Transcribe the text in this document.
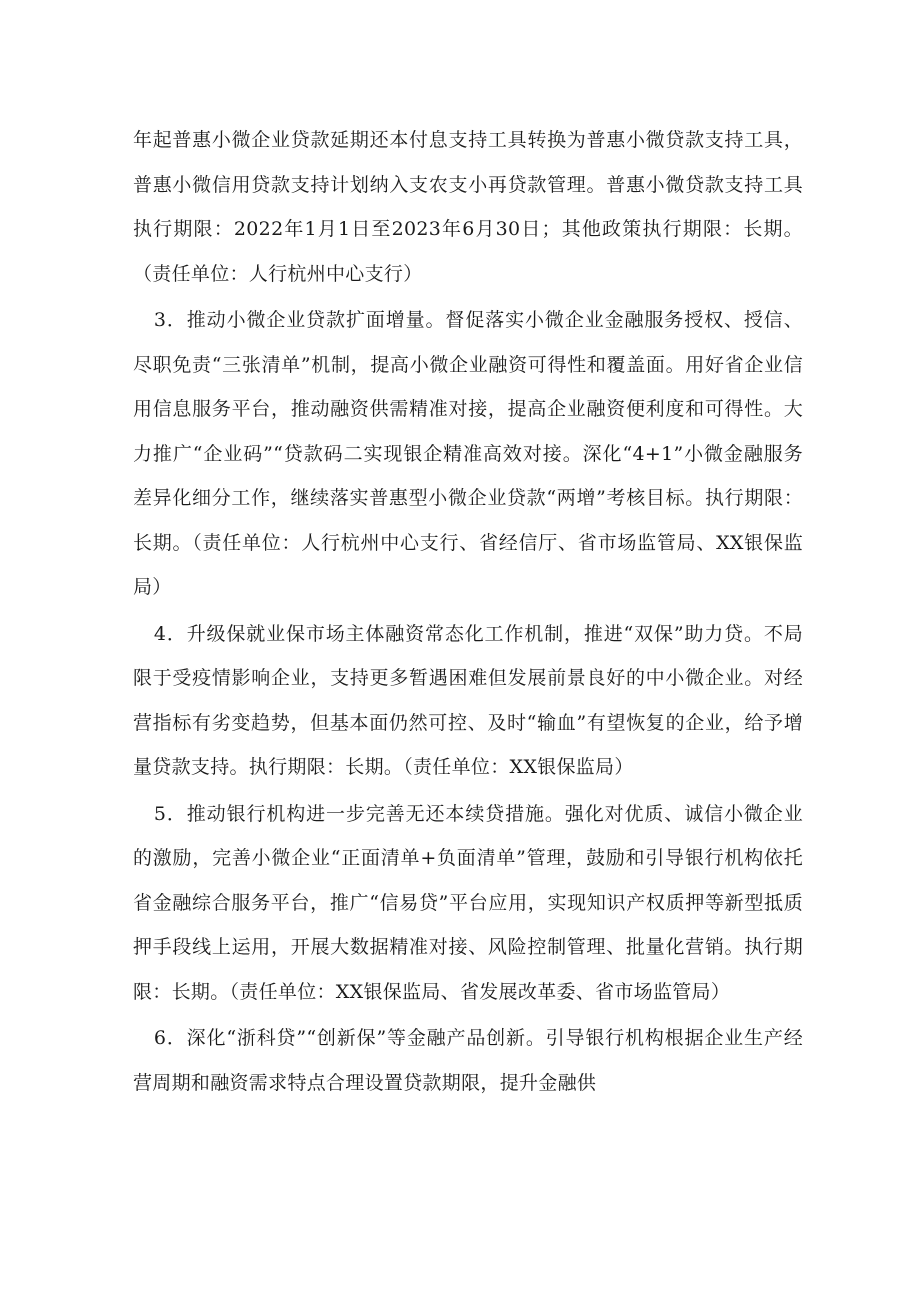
年起普惠小微企业贷款延期还本付息支持工具转换为普惠小微贷款支持工具，普惠小微信用贷款支持计划纳入支农支小再贷款管理。普惠小微贷款支持工具执行期限：2022年1月1日至2023年6月30日；其他政策执行期限：长期。（责任单位：人行杭州中心支行）

3．推动小微企业贷款扩面增量。督促落实小微企业金融服务授权、授信、尽职免责“三张清单”机制，提高小微企业融资可得性和覆盖面。用好省企业信用信息服务平台，推动融资供需精准对接，提高企业融资便利度和可得性。大力推广“企业码”“贷款码二实现银企精准高效对接。深化“4+1”小微金融服务差异化细分工作，继续落实普惠型小微企业贷款“两增”考核目标。执行期限：长期。（责任单位：人行杭州中心支行、省经信厅、省市场监管局、XX银保监局）

4．升级保就业保市场主体融资常态化工作机制，推进“双保”助力贷。不局限于受疫情影响企业，支持更多暂遇困难但发展前景良好的中小微企业。对经营指标有劣变趋势，但基本面仍然可控、及时“输血”有望恢复的企业，给予增量贷款支持。执行期限：长期。（责任单位：XX银保监局）

5．推动银行机构进一步完善无还本续贷措施。强化对优质、诚信小微企业的激励，完善小微企业“正面清单+负面清单”管理，鼓励和引导银行机构依托省金融综合服务平台，推广“信易贷”平台应用，实现知识产权质押等新型抵质押手段线上运用，开展大数据精准对接、风险控制管理、批量化营销。执行期限：长期。（责任单位：XX银保监局、省发展改革委、省市场监管局）

6．深化“浙科贷”“创新保”等金融产品创新。引导银行机构根据企业生产经营周期和融资需求特点合理设置贷款期限，提升金融供
